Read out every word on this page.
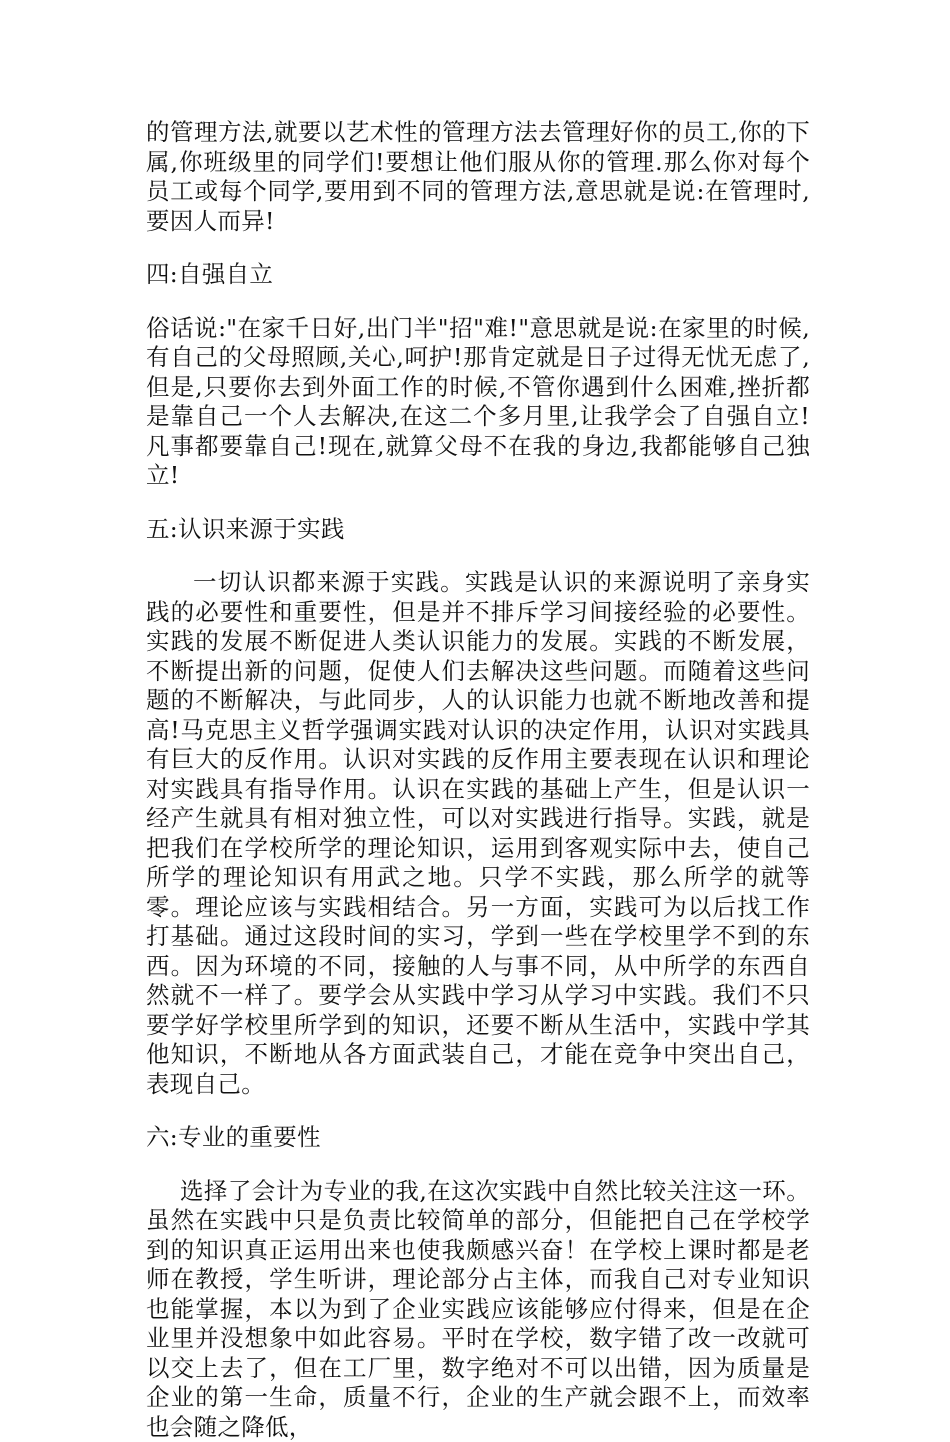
的管理方法,就要以艺术性的管理方法去管理好你的员工,你的下属,你班级里的同学们!要想让他们服从你的管理.那么你对每个员工或每个同学,要用到不同的管理方法,意思就是说:在管理时,要因人而异!

四:自强自立

俗话说:"在家千日好,出门半"招"难!"意思就是说:在家里的时候,有自己的父母照顾,关心,呵护!那肯定就是日子过得无忧无虑了,但是,只要你去到外面工作的时候,不管你遇到什么困难,挫折都是靠自己一个人去解决,在这二个多月里,让我学会了自强自立!凡事都要靠自己!现在,就算父母不在我的身边,我都能够自己独立!

五:认识来源于实践

一切认识都来源于实践。实践是认识的来源说明了亲身实践的必要性和重要性，但是并不排斥学习间接经验的必要性。实践的发展不断促进人类认识能力的发展。实践的不断发展，不断提出新的问题，促使人们去解决这些问题。而随着这些问题的不断解决，与此同步，人的认识能力也就不断地改善和提高!马克思主义哲学强调实践对认识的决定作用，认识对实践具有巨大的反作用。认识对实践的反作用主要表现在认识和理论对实践具有指导作用。认识在实践的基础上产生，但是认识一经产生就具有相对独立性，可以对实践进行指导。实践，就是把我们在学校所学的理论知识，运用到客观实际中去，使自己所学的理论知识有用武之地。只学不实践，那么所学的就等零。理论应该与实践相结合。另一方面，实践可为以后找工作打基础。通过这段时间的实习，学到一些在学校里学不到的东西。因为环境的不同，接触的人与事不同，从中所学的东西自然就不一样了。要学会从实践中学习从学习中实践。我们不只要学好学校里所学到的知识，还要不断从生活中，实践中学其他知识，不断地从各方面武装自己，才能在竞争中突出自己，表现自己。

六:专业的重要性

选择了会计为专业的我,在这次实践中自然比较关注这一环。虽然在实践中只是负责比较简单的部分，但能把自己在学校学到的知识真正运用出来也使我颇感兴奋！在学校上课时都是老师在教授，学生听讲，理论部分占主体，而我自己对专业知识也能掌握，本以为到了企业实践应该能够应付得来，但是在企业里并没想象中如此容易。平时在学校，数字错了改一改就可以交上去了，但在工厂里，数字绝对不可以出错，因为质量是企业的第一生命，质量不行，企业的生产就会跟不上，而效率也会随之降低，
